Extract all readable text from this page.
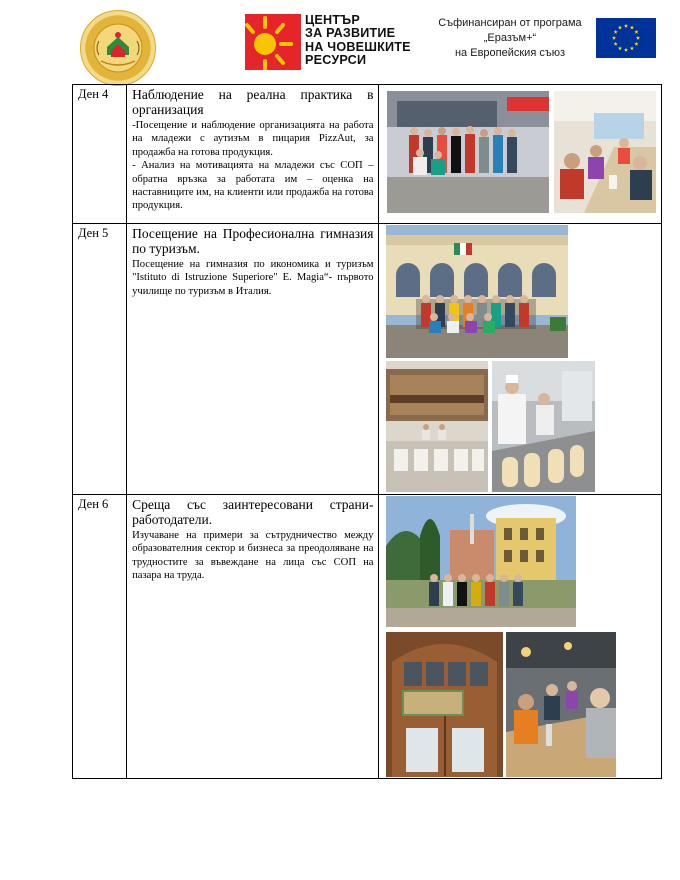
ЦЕНТЪР
ЗА РАЗВИТИЕ
НА ЧОВЕШКИТЕ
РЕСУРСИ
Съфинансиран от програма
„Еразъм+“
на Европейския съюз
Ден 4	Наблюдение на реална практика в организация
-Посещение и наблюдение организацията на работа на младежи с аутизъм в пицария PizzAut, за продажба на готова продукция.
- Анализ на мотивацията на младежи със СОП – обратна връзка за работата им – оценка на наставниците им, на клиенти или продажба на готова продукция.

Ден 5	Посещение на Професионална гимназия по туризъм.
Посещение на гимназия по икономика и туризъм "Istituto di Istruzione Superiore" E. Magia“- първото училище по туризъм в Италия.

Ден 6	Среща със заинтересовани страни-работодатели.
Изучаване на примери за сътрудничество между образователния сектор и бизнеса за преодоляване на трудностите за въвеждане на лица със СОП на пазара на труда.
